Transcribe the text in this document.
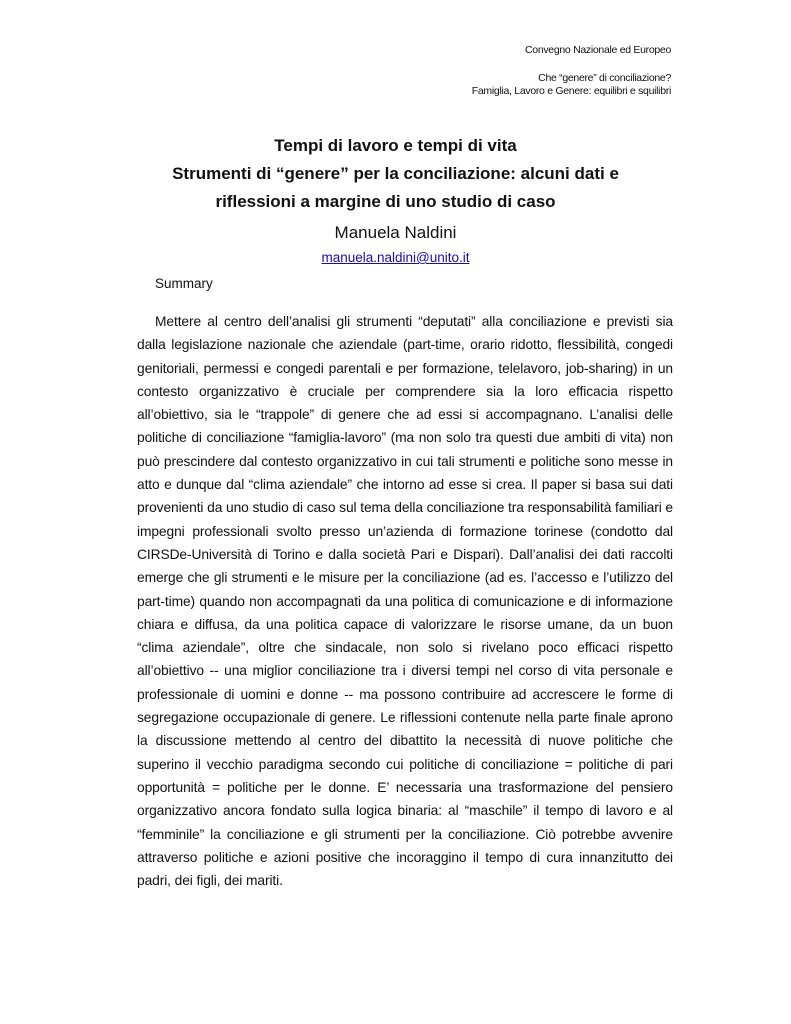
Convegno Nazionale ed Europeo
Che “genere” di conciliazione?
Famiglia, Lavoro e Genere: equilibri e squilibri

Tempi di lavoro e tempi di vita

Strumenti di “genere” per la conciliazione: alcuni dati e

riflessioni a margine di uno studio di caso

Manuela Naldini
manuela.naldini@unito.it
Summary

Mettere al centro dell’analisi gli strumenti “deputati” alla conciliazione e previsti sia dalla legislazione nazionale che aziendale (part-time, orario ridotto, flessibilità, congedi genitoriali, permessi e congedi parentali e per formazione, telelavoro, job-sharing) in un contesto organizzativo è cruciale per comprendere sia la loro efficacia rispetto all’obiettivo, sia le “trappole” di genere che ad essi si accompagnano. L’analisi delle politiche di conciliazione “famiglia-lavoro” (ma non solo tra questi due ambiti di vita) non può prescindere dal contesto organizzativo in cui tali strumenti e politiche sono messe in atto e dunque dal “clima aziendale” che intorno ad esse si crea. Il paper si basa sui dati provenienti da uno studio di caso sul tema della conciliazione tra responsabilità familiari e impegni professionali svolto presso un’azienda di formazione torinese (condotto dal CIRSDe-Università di Torino e dalla società Pari e Dispari). Dall’analisi dei dati raccolti emerge che gli strumenti e le misure per la conciliazione (ad es. l’accesso e l’utilizzo del part-time) quando non accompagnati da una politica di comunicazione e di informazione chiara e diffusa, da una politica capace di valorizzare le risorse umane, da un buon “clima aziendale”, oltre che sindacale, non solo si rivelano poco efficaci rispetto all’obiettivo -- una miglior conciliazione tra i diversi tempi nel corso di vita personale e professionale di uomini e donne -- ma possono contribuire ad accrescere le forme di segregazione occupazionale di genere. Le riflessioni contenute nella parte finale aprono la discussione mettendo al centro del dibattito la necessità di nuove politiche che superino il vecchio paradigma secondo cui politiche di conciliazione = politiche di pari opportunità = politiche per le donne. E’ necessaria una trasformazione del pensiero organizzativo ancora fondato sulla logica binaria: al “maschile” il tempo di lavoro e al “femminile” la conciliazione e gli strumenti per la conciliazione. Ciò potrebbe avvenire attraverso politiche e azioni positive che incoraggino il tempo di cura innanzitutto dei padri, dei figli, dei mariti.
